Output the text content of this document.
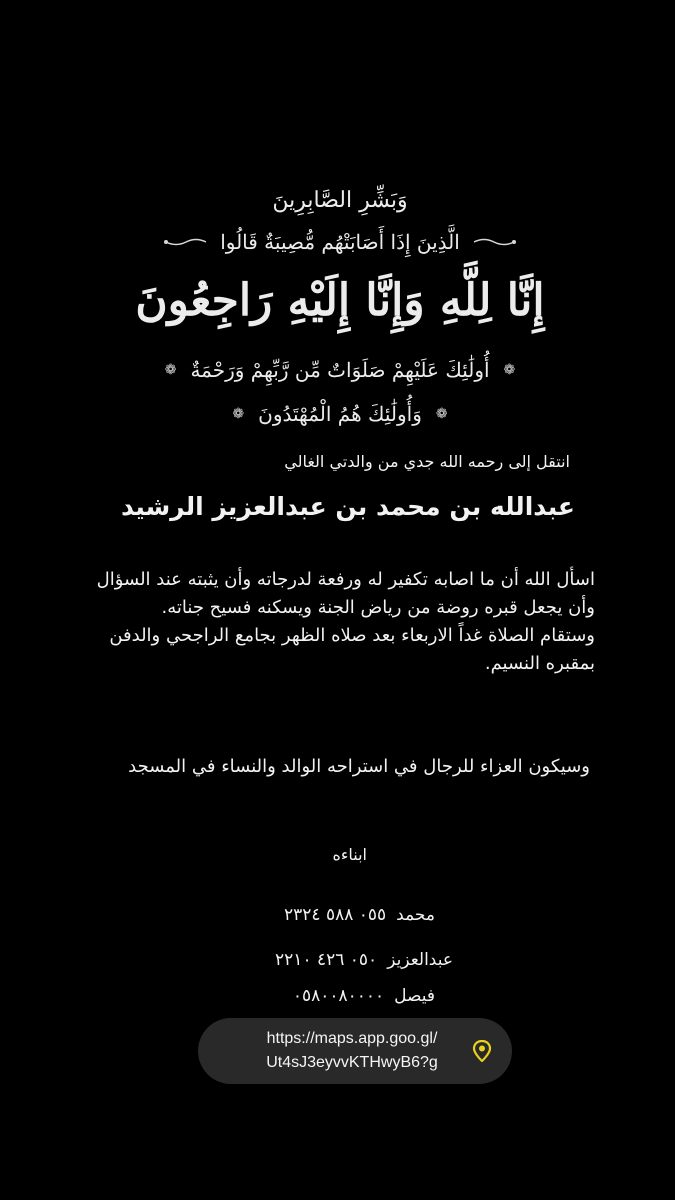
وَبَشِّرِ الصَّابِرِينَ
الَّذِينَ إِذَا أَصَابَتْهُم مُّصِيبَةٌ قَالُوا
إِنَّا لِلَّهِ وَإِنَّا إِلَيْهِ رَاجِعُونَ
❁
أُولَٰئِكَ عَلَيْهِمْ صَلَوَاتٌ مِّن رَّبِّهِمْ وَرَحْمَةٌ
❁
❁
وَأُولَٰئِكَ هُمُ الْمُهْتَدُونَ
❁
انتقل إلى رحمه الله جدي من والدتي الغالي
عبدالله بن محمد بن عبدالعزيز الرشيد
اسأل الله أن ما اصابه تكفير له ورفعة لدرجاته وأن يثبته عند السؤال وأن يجعل قبره روضة من رياض الجنة ويسكنه فسيح جناته.
وستقام الصلاة غداً الاربعاء بعد صلاه الظهر بجامع الراجحي والدفن بمقبره النسيم.
وسيكون العزاء للرجال في استراحه الوالد والنساء في المسجد
ابناءه
محمد
٠٥٥ ٥٨٨ ٢٣٢٤
عبدالعزيز
٠٥٠ ٤٢٦ ٢٢١٠
فيصل
٠٥٨٠٠٨٠٠٠٠
https://maps.app.goo.gl/
Ut4sJ3eyvvKTHwyB6?g
